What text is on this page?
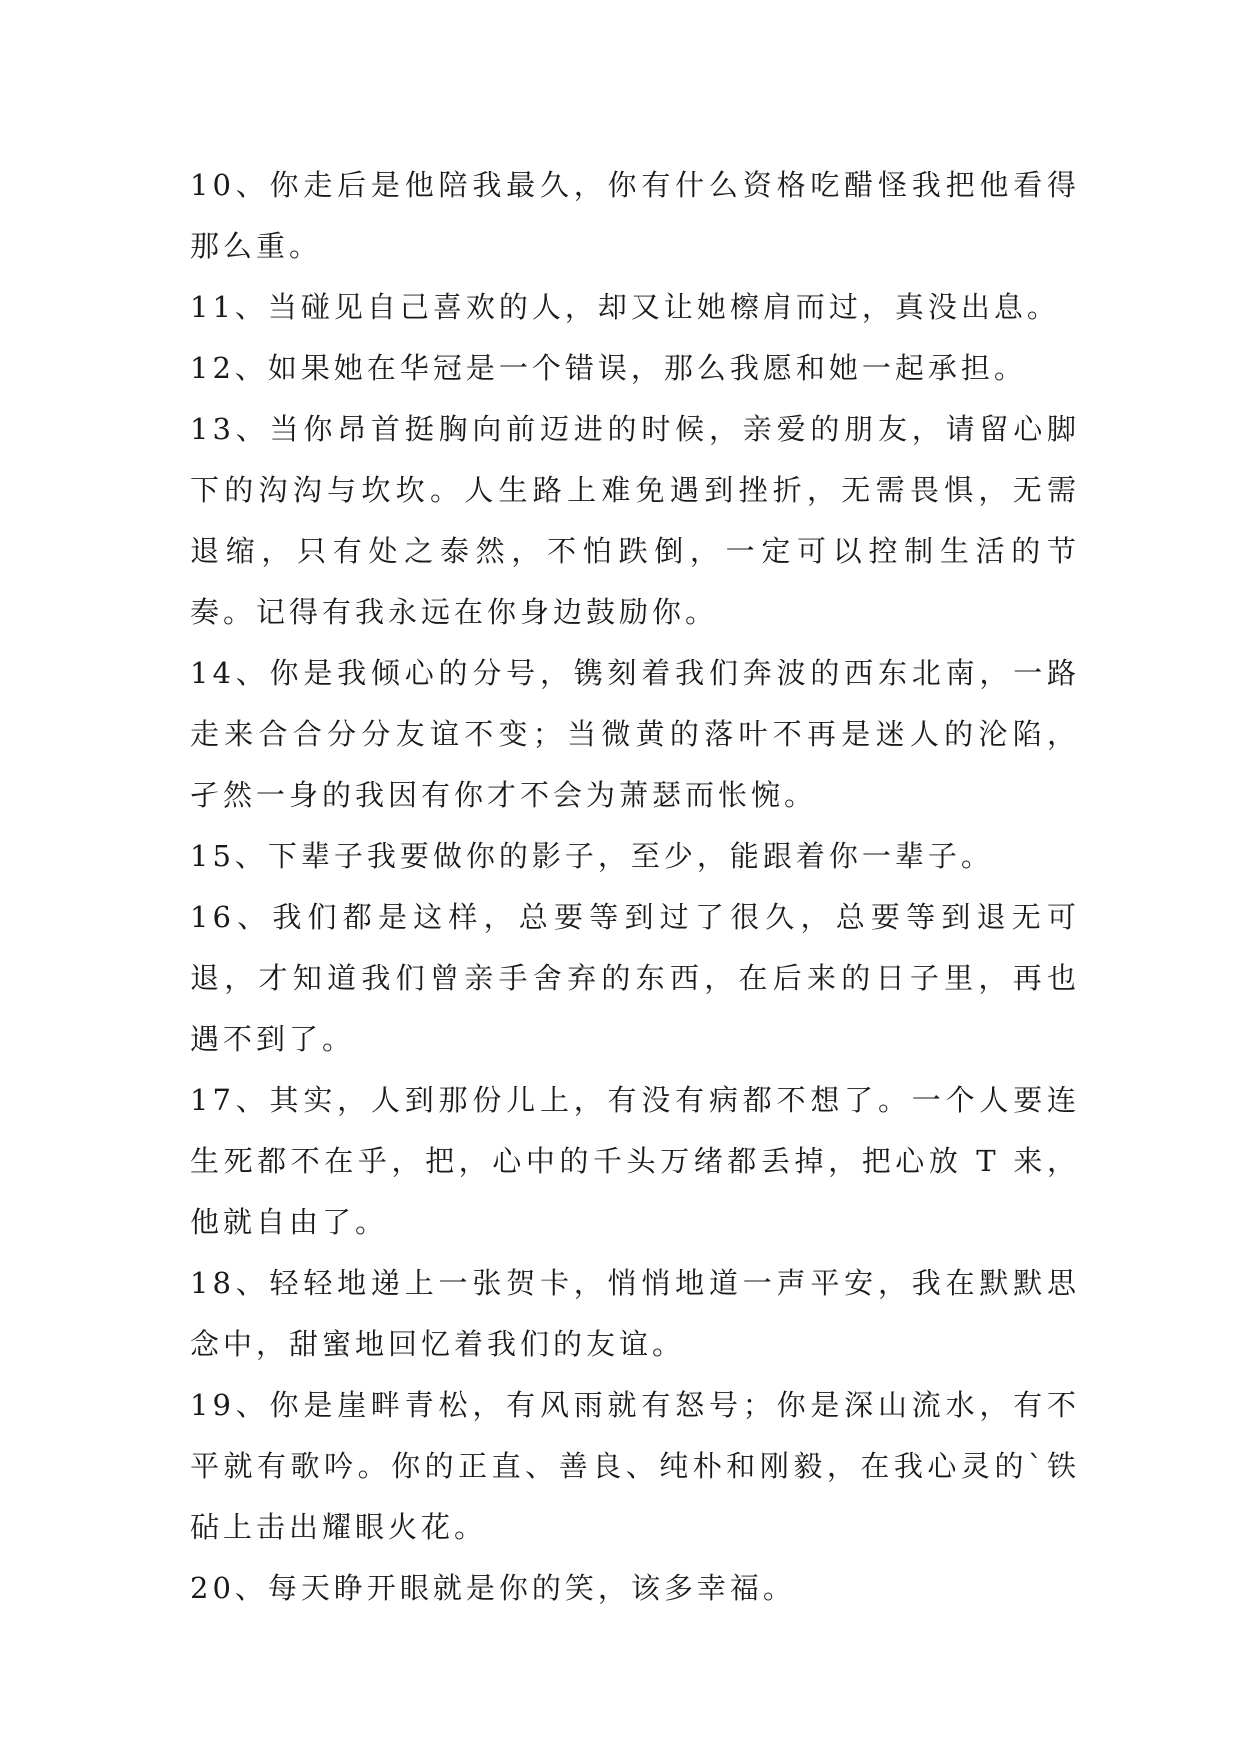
10、你走后是他陪我最久，你有什么资格吃醋怪我把他看得那么重。

11、当碰见自己喜欢的人，却又让她檫肩而过，真没出息。

12、如果她在华冠是一个错误，那么我愿和她一起承担。

13、当你昂首挺胸向前迈进的时候，亲爱的朋友，请留心脚下的沟沟与坎坎。人生路上难免遇到挫折，无需畏惧，无需退缩，只有处之泰然，不怕跌倒，一定可以控制生活的节奏。记得有我永远在你身边鼓励你。

14、你是我倾心的分号，镌刻着我们奔波的西东北南，一路走来合合分分友谊不变；当微黄的落叶不再是迷人的沦陷，孑然一身的我因有你才不会为萧瑟而怅惋。

15、下辈子我要做你的影子，至少，能跟着你一辈子。

16、我们都是这样，总要等到过了很久，总要等到退无可退，才知道我们曾亲手舍弃的东西，在后来的日子里，再也遇不到了。

17、其实，人到那份儿上，有没有病都不想了。一个人要连生死都不在乎，把，心中的千头万绪都丢掉，把心放 T 来，他就自由了。

18、轻轻地递上一张贺卡，悄悄地道一声平安，我在默默思念中，甜蜜地回忆着我们的友谊。

19、你是崖畔青松，有风雨就有怒号；你是深山流水，有不平就有歌吟。你的正直、善良、纯朴和刚毅，在我心灵的`铁砧上击出耀眼火花。

20、每天睁开眼就是你的笑，该多幸福。
